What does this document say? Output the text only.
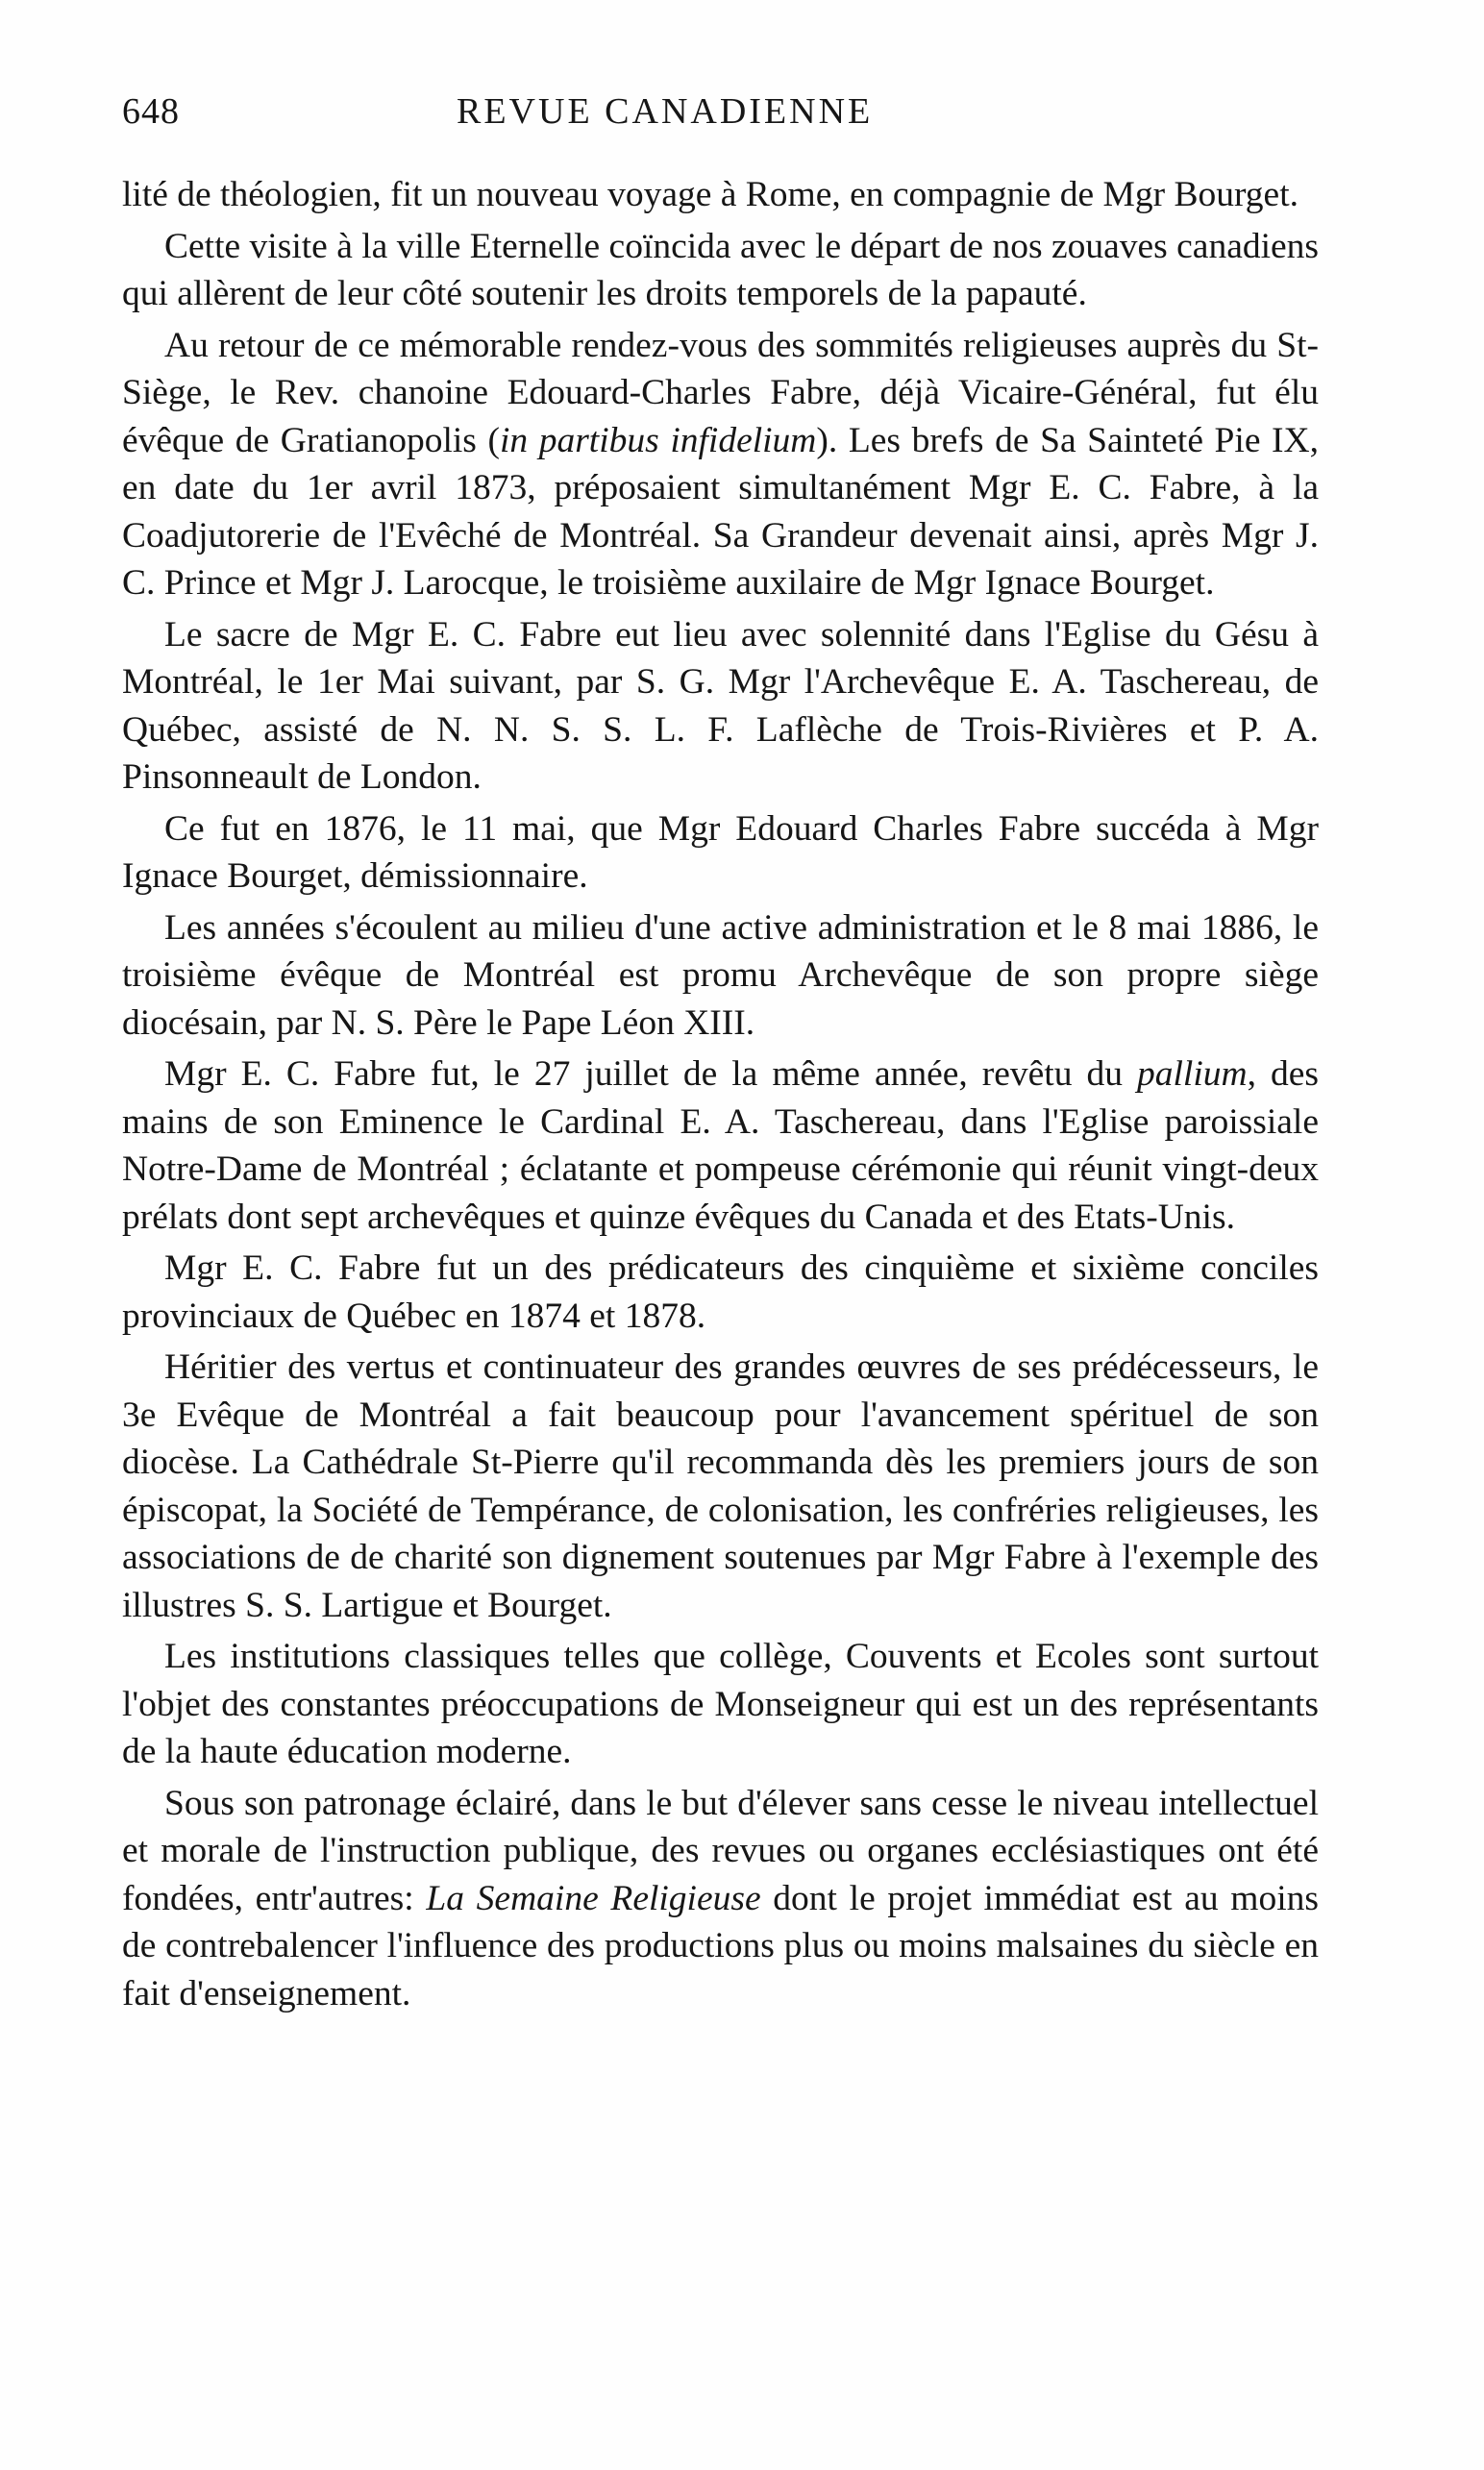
648	REVUE CANADIENNE

lité de théologien, fit un nouveau voyage à Rome, en compagnie de Mgr Bourget.

Cette visite à la ville Eternelle coïncida avec le départ de nos zouaves canadiens qui allèrent de leur côté soutenir les droits temporels de la papauté.

Au retour de ce mémorable rendez-vous des sommités religieuses auprès du St-Siège, le Rev. chanoine Edouard-Charles Fabre, déjà Vicaire-Général, fut élu évêque de Gratianopolis (in partibus infidelium). Les brefs de Sa Sainteté Pie IX, en date du 1er avril 1873, préposaient simultanément Mgr E. C. Fabre, à la Coadjutorerie de l'Evêché de Montréal. Sa Grandeur devenait ainsi, après Mgr J. C. Prince et Mgr J. Larocque, le troisième auxilaire de Mgr Ignace Bourget.

Le sacre de Mgr E. C. Fabre eut lieu avec solennité dans l'Eglise du Gésu à Montréal, le 1er Mai suivant, par S. G. Mgr l'Archevêque E. A. Taschereau, de Québec, assisté de N. N. S. S. L. F. Laflèche de Trois-Rivières et P. A. Pinsonneault de London.

Ce fut en 1876, le 11 mai, que Mgr Edouard Charles Fabre succéda à Mgr Ignace Bourget, démissionnaire.

Les années s'écoulent au milieu d'une active administration et le 8 mai 1886, le troisième évêque de Montréal est promu Archevêque de son propre siège diocésain, par N. S. Père le Pape Léon XIII.

Mgr E. C. Fabre fut, le 27 juillet de la même année, revêtu du pallium, des mains de son Eminence le Cardinal E. A. Taschereau, dans l'Eglise paroissiale Notre-Dame de Montréal ; éclatante et pompeuse cérémonie qui réunit vingt-deux prélats dont sept archevêques et quinze évêques du Canada et des Etats-Unis.

Mgr E. C. Fabre fut un des prédicateurs des cinquième et sixième conciles provinciaux de Québec en 1874 et 1878.

Héritier des vertus et continuateur des grandes œuvres de ses prédécesseurs, le 3e Evêque de Montréal a fait beaucoup pour l'avancement spérituel de son diocèse. La Cathédrale St-Pierre qu'il recommanda dès les premiers jours de son épiscopat, la Société de Tempérance, de colonisation, les confréries religieuses, les associations de de charité son dignement soutenues par Mgr Fabre à l'exemple des illustres S. S. Lartigue et Bourget.

Les institutions classiques telles que collège, Couvents et Ecoles sont surtout l'objet des constantes préoccupations de Monseigneur qui est un des représentants de la haute éducation moderne.

Sous son patronage éclairé, dans le but d'élever sans cesse le niveau intellectuel et morale de l'instruction publique, des revues ou organes ecclésiastiques ont été fondées, entr'autres: La Semaine Religieuse dont le projet immédiat est au moins de contrebalencer l'influence des productions plus ou moins malsaines du siècle en fait d'enseignement.
